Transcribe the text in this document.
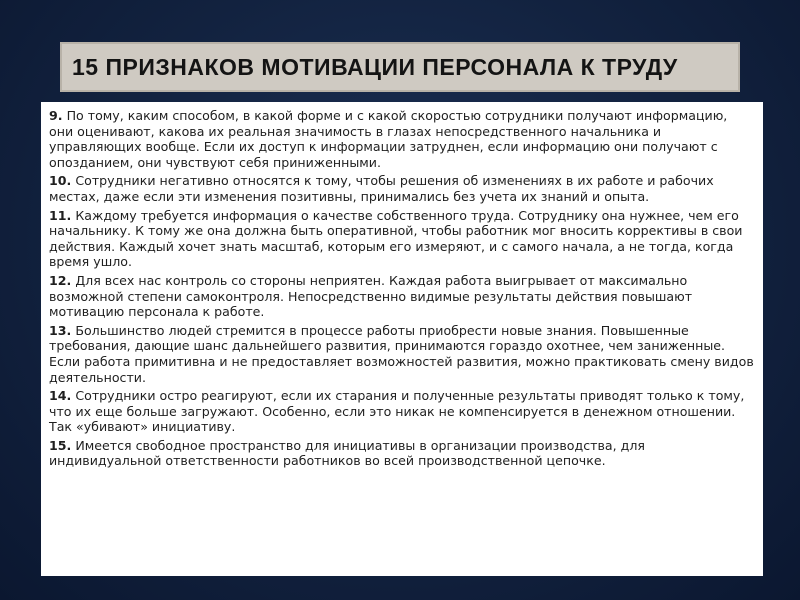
15 ПРИЗНАКОВ МОТИВАЦИИ ПЕРСОНАЛА К ТРУДУ

9. По тому, каким способом, в какой форме и с какой скоростью сотрудники получают информацию, они оценивают, какова их реальная значимость в глазах непосредственного начальника и управляющих вообще. Если их доступ к информации затруднен, если информацию они получают с опозданием, они чувствуют себя приниженными.

10. Сотрудники негативно относятся к тому, чтобы решения об изменениях в их работе и рабочих местах, даже если эти изменения позитивны, принимались без учета их знаний и опыта.

11. Каждому требуется информация о качестве собственного труда. Сотруднику она нужнее, чем его начальнику. К тому же она должна быть оперативной, чтобы работник мог вносить коррективы в свои действия. Каждый хочет знать масштаб, которым его измеряют, и с самого начала, а не тогда, когда время ушло.

12. Для всех нас контроль со стороны неприятен. Каждая работа выигрывает от максимально возможной степени самоконтроля. Непосредственно видимые результаты действия повышают мотивацию персонала к работе.

13. Большинство людей стремится в процессе работы приобрести новые знания. Повышенные требования, дающие шанс дальнейшего развития, принимаются гораздо охотнее, чем заниженные. Если работа примитивна и не предоставляет возможностей развития, можно практиковать смену видов деятельности.

14. Сотрудники остро реагируют, если их старания и полученные результаты приводят только к тому, что их еще больше загружают. Особенно, если это никак не компенсируется в денежном отношении. Так «убивают» инициативу.

15. Имеется свободное пространство для инициативы в организации производства, для индивидуальной ответственности работников во всей производственной цепочке.
